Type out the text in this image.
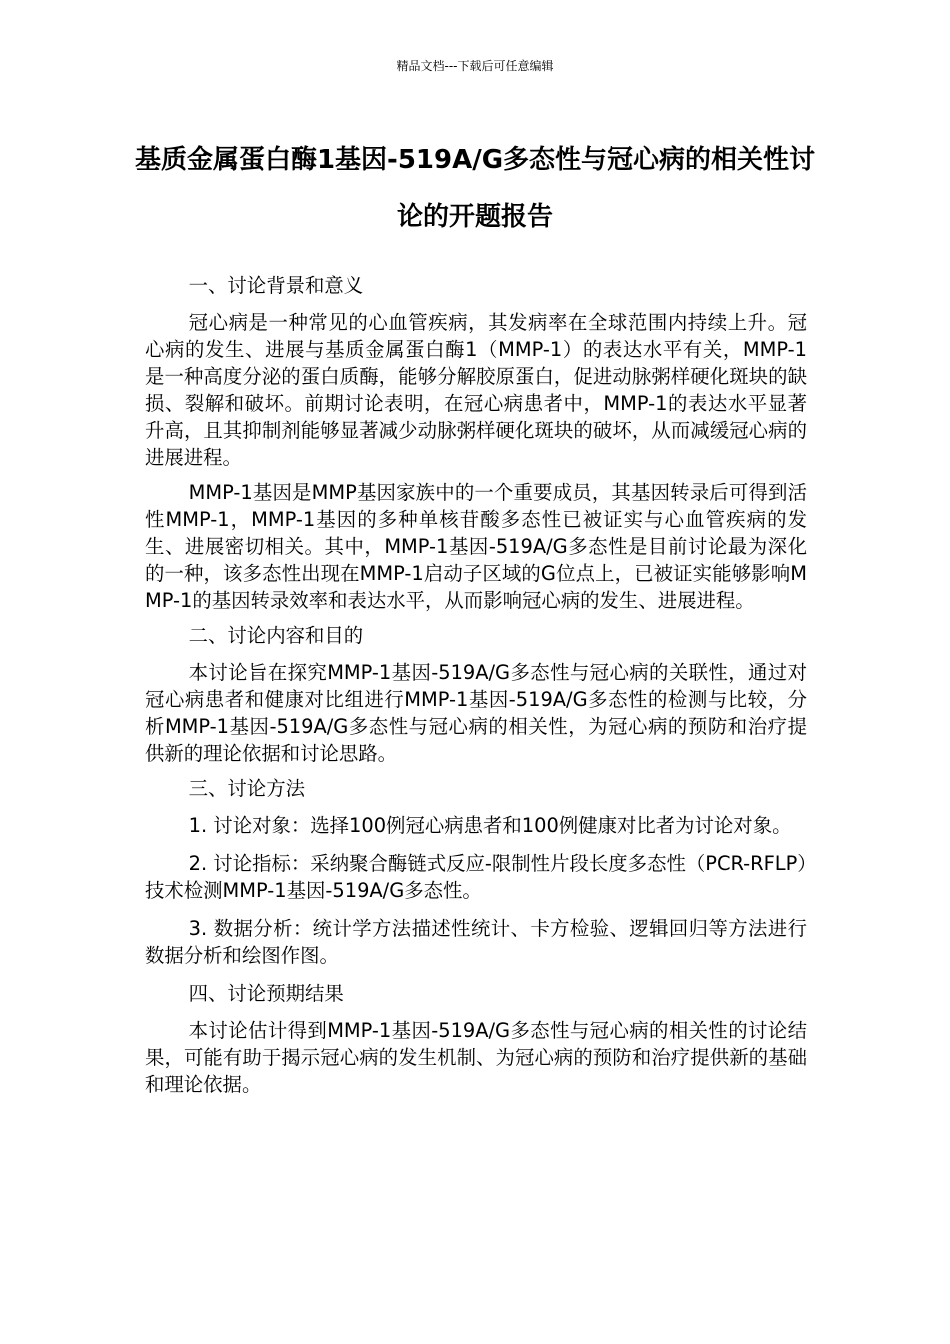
精品文档---下载后可任意编辑
基质金属蛋白酶1基因-519A/G多态性与冠心病的相关性讨论的开题报告

一、讨论背景和意义

冠心病是一种常见的心血管疾病，其发病率在全球范围内持续上升。冠心病的发生、进展与基质金属蛋白酶1（MMP-1）的表达水平有关，MMP-1是一种高度分泌的蛋白质酶，能够分解胶原蛋白，促进动脉粥样硬化斑块的缺损、裂解和破坏。前期讨论表明，在冠心病患者中，MMP-1的表达水平显著升高，且其抑制剂能够显著减少动脉粥样硬化斑块的破坏，从而减缓冠心病的进展进程。

MMP-1基因是MMP基因家族中的一个重要成员，其基因转录后可得到活性MMP-1，MMP-1基因的多种单核苷酸多态性已被证实与心血管疾病的发生、进展密切相关。其中，MMP-1基因-519A/G多态性是目前讨论最为深化的一种，该多态性出现在MMP-1启动子区域的G位点上，已被证实能够影响MMP-1的基因转录效率和表达水平，从而影响冠心病的发生、进展进程。

二、讨论内容和目的

本讨论旨在探究MMP-1基因-519A/G多态性与冠心病的关联性，通过对冠心病患者和健康对比组进行MMP-1基因-519A/G多态性的检测与比较，分析MMP-1基因-519A/G多态性与冠心病的相关性，为冠心病的预防和治疗提供新的理论依据和讨论思路。

三、讨论方法

1. 讨论对象：选择100例冠心病患者和100例健康对比者为讨论对象。

2. 讨论指标：采纳聚合酶链式反应-限制性片段长度多态性（PCR-RFLP）技术检测MMP-1基因-519A/G多态性。

3. 数据分析：统计学方法描述性统计、卡方检验、逻辑回归等方法进行数据分析和绘图作图。

四、讨论预期结果

本讨论估计得到MMP-1基因-519A/G多态性与冠心病的相关性的讨论结果，可能有助于揭示冠心病的发生机制、为冠心病的预防和治疗提供新的基础和理论依据。
